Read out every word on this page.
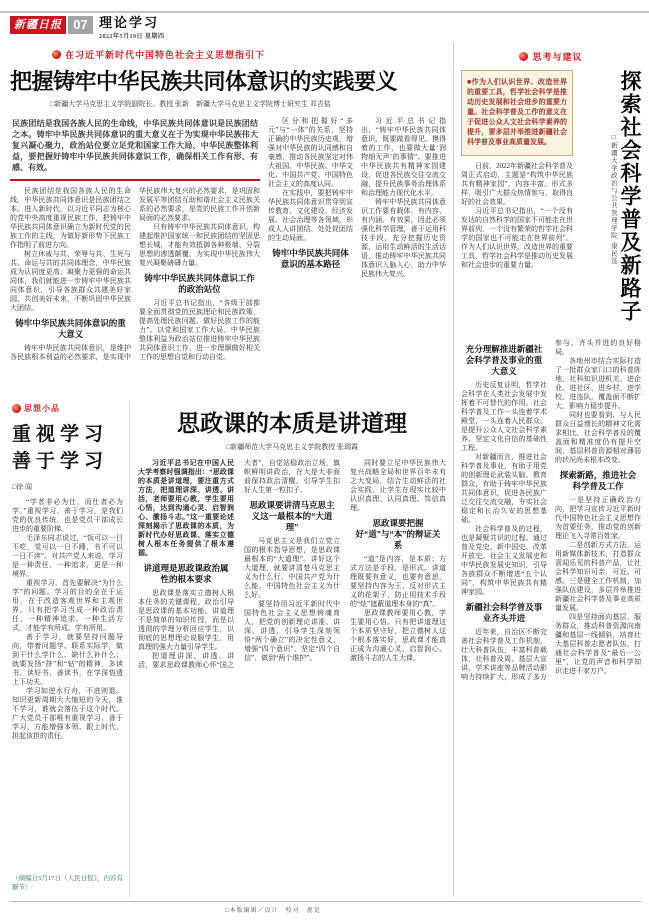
新疆日报 07 理论学习
2022年5月19日 星期四
在习近平新时代中国特色社会主义思想指引下
把握铸牢中华民族共同体意识的实践要义
□新疆大学马克思主义学院副院长、教授 张新　新疆大学马克思主义学院博士研究生 邓吉盐
民族团结是我国各族人民的生命线，中华民族共同体意识是民族团结之本。铸牢中华民族共同体意识的重大意义在于为实现中华民族伟大复兴凝心聚力，政治站位要立足党和国家工作大局、中华民族整体利益，要把握好铸牢中华民族共同体意识工作，确保相关工作有形、有感、有效。

民族团结是我国各族人民的生命线，中华民族共同体意识是民族团结之本。进入新时代，以习近平同志为核心的党中央高度重视民族工作，把铸牢中华民族共同体意识确立为新时代党的民族工作的主线，为做好新形势下民族工作指明了前进方向。

树立休戚与共、荣辱与共、生死与共、命运与共的共同体理念，中华民族成为认同度更高、凝聚力更强的命运共同体，我们就能进一步铸牢中华民族共同体意识，引导各族群众共建美好家园、共创美好未来，不断巩固中华民族大团结。

铸牢中华民族共同体意识的重大意义

铸牢中华民族共同体意识，是维护各民族根本利益的必然要求，是实现中华民族伟大复兴的必然要求，是巩固和发展平等团结互助和谐社会主义民族关系的必然要求，是党的民族工作开创新局面的必然要求。

只有铸牢中华民族共同体意识，构建起维护国家统一和民族团结的坚固思想长城，才能有效抵御各种极端、分裂思想的渗透颠覆，为实现中华民族伟大复兴凝聚磅礴力量。

铸牢中华民族共同体意识工作的政治站位

习近平总书记指出，“各级干部都要全面贯彻党的民族理论和民族政策，提高处理民族问题、做好民族工作的能力”。以党和国家工作大局、中华民族整体利益为政治站位推进铸牢中华民族共同体意识工作，进一步理顺做好相关工作的思想自觉和行动自觉。

区分和把握好“多元”与“一体”的关系，坚持正确的中华民族历史观，增强对中华民族的认同感和自豪感，推动各民族坚定对伟大祖国、中华民族、中华文化、中国共产党、中国特色社会主义的高度认同。

在实践中，要把铸牢中华民族共同体意识贯穿到宣传教育、文化建设、经济发展、社会治理等各领域，形成人人讲团结、处处促团结的生动局面。

铸牢中华民族共同体意识的基本路径

习近平总书记指出，“铸牢中华民族共同体意识，既要做看得见、摸得着的工作，也要做大量‘润物细无声’的事情”。要推进中华民族共有精神家园建设，促进各民族交往交流交融，提升民族事务治理体系和治理能力现代化水平。

铸牢中华民族共同体意识工作要有载体、有内容、有内涵、有效果，因此必须强化科学管理，善于运用科技手段，充分挖掘历史资源，运用生动鲜活的生活话语，推动铸牢中华民族共同体意识入脑入心，助力中华民族伟大复兴。

思想小品
重视学习
善于学习
□徐 闻

“学者非必为仕，而仕者必为学。”重视学习、善于学习，是我们党的优良传统，也是党员干部成长进步的重要阶梯。

毛泽东同志说过，“饭可以一日不吃，觉可以一日不睡，书不可以一日不读”。对共产党人来说，学习是一种责任、一种追求，更是一种境界。

重视学习，首先要解决“为什么学”的问题。学习的目的全在于运用，在于改造客观世界和主观世界。只有把学习当成一种政治责任、一种精神追求、一种生活方式，才能学有所成、学有所用。

善于学习，就要坚持问题导向，带着问题学、联系实际学，做到干什么学什么、缺什么补什么；就要发扬“挤”和“钻”的精神，多读书、读好书、善读书，在学深悟透上下功夫。

学习如逆水行舟，不进则退。知识更新周期大大缩短的今天，谁不学习，谁就会落伍于这个时代。广大党员干部唯有重视学习、善于学习，方能增强本领、跟上时代，担起该担的责任。

（摘编自5月17日《人民日报》，内容有删节）
思政课的本质是讲道理
□新疆师范大学马克思主义学院教授 张瑞霞

习近平总书记在中国人民大学考察时强调指出：“思政课的本质是讲道理，要注重方式方法，把道理讲深、讲透、讲活，老师要用心教，学生要用心悟，达到沟通心灵、启智润心、激扬斗志。”这一重要论述深刻揭示了思政课的本质，为新时代办好思政课、落实立德树人根本任务提供了根本遵循。

讲道理是思政课政治属性的根本要求

思政课是落实立德树人根本任务的关键课程，政治引导是思政课的基本功能。讲道理不是简单的知识传授，而是以透彻的学理分析回应学生，以彻底的思想理论说服学生，用真理的强大力量引导学生。

把道理讲深、讲透、讲活，要求思政课教师心怀“国之大者”，自觉站稳政治立场，旗帜鲜明讲政治，在大是大非面前保持政治清醒，引导学生扣好人生第一粒扣子。

思政课要讲清马克思主义这一最根本的“大道理”

马克思主义是我们立党立国的根本指导思想，是思政课最根本的“大道理”。讲好这个大道理，就要讲清楚马克思主义为什么行、中国共产党为什么能、中国特色社会主义为什么好。

要坚持用习近平新时代中国特色社会主义思想铸魂育人，把党的创新理论讲准、讲深、讲透，引导学生深刻领悟“两个确立”的决定性意义，增强“四个意识”、坚定“四个自信”、做到“两个维护”。

同时要立足中华民族伟大复兴战略全局和世界百年未有之大变局，结合生动鲜活的社会实践，让学生在现实比较中认识真理、认同真理、笃信真理。

思政课要把握好“道”与“本”的辩证关系

“道”是内容，是本质；方式方法是手段，是形式。讲道理既要有意义，也要有意思，要坚持内容为王，反对形式主义的花架子，防止用技术手段的“炫”遮蔽道理本身的“真”。

思政课教师要用心教，学生要用心悟。只有把讲道理这个本质坚守好，把立德树人这个根本落实好，思政课才能真正成为沟通心灵、启智润心、激扬斗志的人生大课。

思考与建议
■作为人们认识世界、改造世界的重要工具，哲学社会科学是推动历史发展和社会进步的重要力量。社会科学普及工作的意义在于促进公众人文社会科学素养的提升，要多层并举推进新疆社会科学普及事业高质量发展。

日前，2022年新疆社会科学普及周正式启动，主题是“构筑中华民族共有精神家园”，内容丰富、形式多样，吸引广大群众热情参与，取得良好的社会效果。

习近平总书记指出，“一个没有发达的自然科学的国家不可能走在世界前列，一个没有繁荣的哲学社会科学的国家也不可能走在世界前列”。作为人们认识世界、改造世界的重要工具，哲学社会科学是推动历史发展和社会进步的重要力量。

□新疆大学政治与公共管理学院 康民选 探索社会科学普及新路子
充分理解推进新疆社会科学普及事业的重大意义

历史反复证明，哲学社会科学在人类社会发展中发挥着不可替代的作用。社会科学普及工作一头连着学术殿堂，一头连着人民群众，是提升公众人文社会科学素养、坚定文化自信的基础性工程。

对新疆而言，推进社会科学普及事业，有助于用党的创新理论武装头脑、教育群众，有助于铸牢中华民族共同体意识，促进各民族广泛交往交流交融，夯实社会稳定和长治久安的思想基础。

社会科学普及的过程，也是凝聚共识的过程。通过普及党史、新中国史、改革开放史、社会主义发展史和中华民族发展史知识，引导各族群众不断增进“五个认同”，构筑中华民族共有精神家园。

新疆社会科学普及事业齐头并进

近年来，自治区不断完善社会科学普及工作机制，壮大科普队伍，丰富科普载体，社科普及周、基层大宣讲、学术讲座等品牌活动影响力持续扩大，形成了多方参与、齐头并进的良好格局。

各地州市结合实际打造了一批群众家门口的科普阵地，社科知识进机关、进企业、进社区、进乡村、进学校、进连队，覆盖面不断扩大，影响力稳步提升。

同时也要看到，与人民群众日益增长的精神文化需求相比，社会科学普及的覆盖面和精准度仍有提升空间，基层科普资源相对薄弱的状况尚未根本改变。

探索新路，推进社会科学普及工作

一是坚持正确政治方向，把学习宣传习近平新时代中国特色社会主义思想作为首要任务，推动党的创新理论飞入寻常百姓家。

二是创新方式方法，运用新媒体新技术，打造群众喜闻乐见的科普产品，让社会科学知识可亲、可近、可感。三是健全工作机制，加强队伍建设，多层并举推进新疆社会科学普及事业高质量发展。

四是坚持面向基层、服务群众，推动科普资源向南疆和基层一线倾斜，培育壮大基层科普志愿者队伍，打通社会科学普及“最后一公里”，让党的声音和科学知识走进千家万户。

□本版编辑／设计　校对　视觉
